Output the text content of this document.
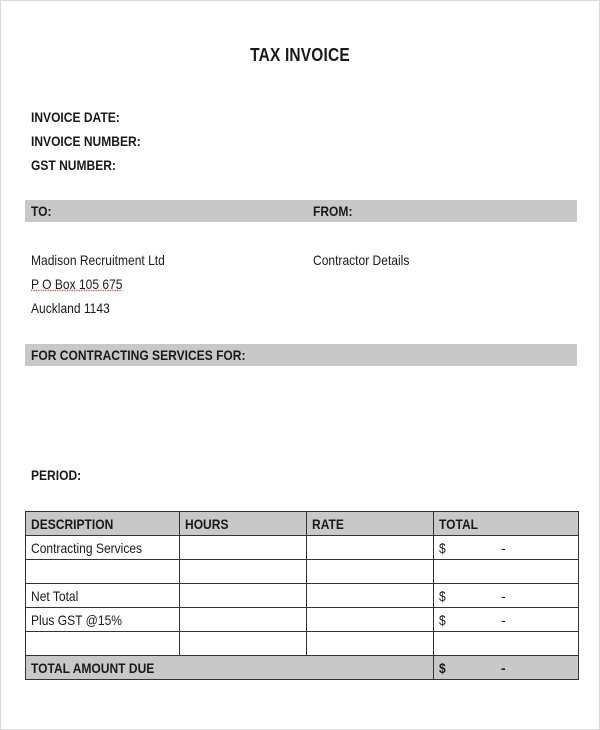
TAX INVOICE
INVOICE DATE:
INVOICE NUMBER:
GST NUMBER:
TO:	FROM:
Madison Recruitment Ltd
P O Box 105 675
Auckland 1143
Contractor Details
FOR CONTRACTING SERVICES FOR:
PERIOD:
DESCRIPTION	HOURS	RATE	TOTAL
Contracting Services			$ -

Net Total			$ -

Plus GST @15%			$ -

TOTAL AMOUNT DUE			$ -
